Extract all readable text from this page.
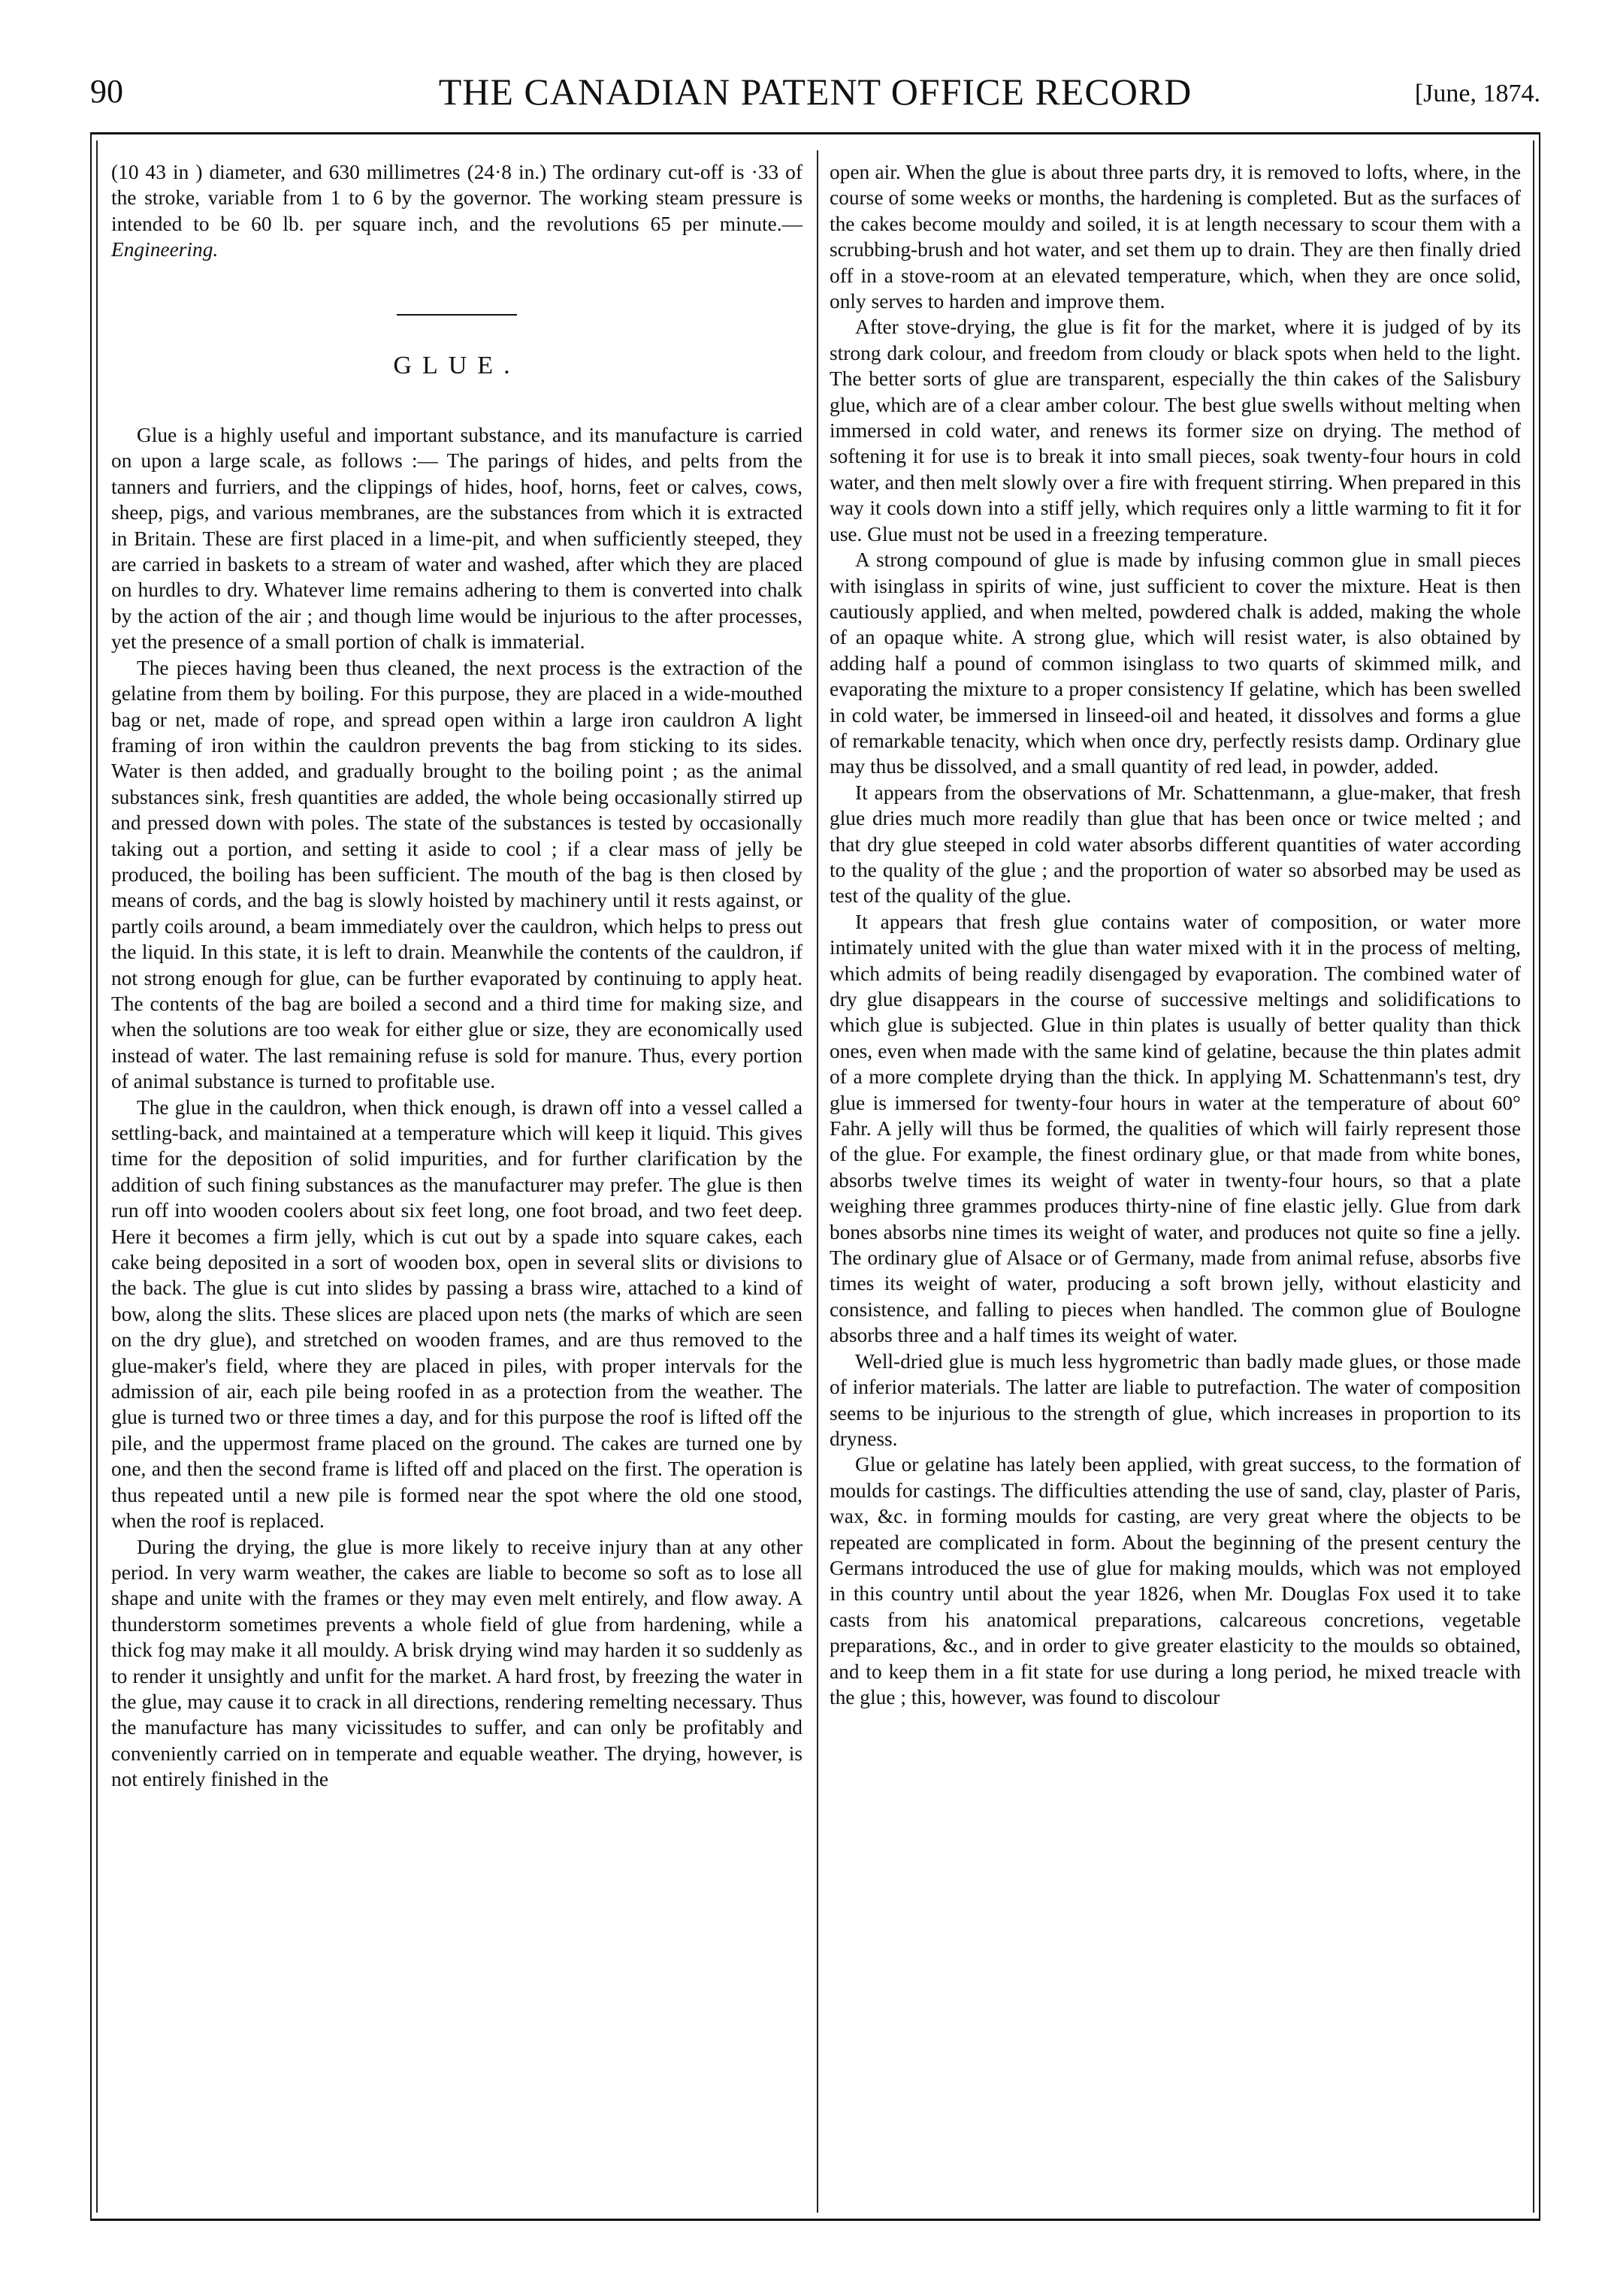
90	THE CANADIAN PATENT OFFICE RECORD	[June, 1874.

(10 43 in ) diameter, and 630 millimetres (24·8 in.) The ordinary cut-off is ·33 of the stroke, variable from 1 to 6 by the governor. The working steam pressure is intended to be 60 lb. per square inch, and the revolutions 65 per minute.—Engineering.

GLUE.

Glue is a highly useful and important substance, and its manufacture is carried on upon a large scale, as follows :— The parings of hides, and pelts from the tanners and furriers, and the clippings of hides, hoof, horns, feet or calves, cows, sheep, pigs, and various membranes, are the substances from which it is extracted in Britain. These are first placed in a lime-pit, and when sufficiently steeped, they are carried in baskets to a stream of water and washed, after which they are placed on hurdles to dry. Whatever lime remains adhering to them is converted into chalk by the action of the air ; and though lime would be injurious to the after processes, yet the presence of a small portion of chalk is immaterial.

The pieces having been thus cleaned, the next process is the extraction of the gelatine from them by boiling. For this purpose, they are placed in a wide-mouthed bag or net, made of rope, and spread open within a large iron cauldron A light framing of iron within the cauldron prevents the bag from sticking to its sides. Water is then added, and gradually brought to the boiling point ; as the animal substances sink, fresh quantities are added, the whole being occasionally stirred up and pressed down with poles. The state of the substances is tested by occasionally taking out a portion, and setting it aside to cool ; if a clear mass of jelly be produced, the boiling has been sufficient. The mouth of the bag is then closed by means of cords, and the bag is slowly hoisted by machinery until it rests against, or partly coils around, a beam immediately over the cauldron, which helps to press out the liquid. In this state, it is left to drain. Meanwhile the contents of the cauldron, if not strong enough for glue, can be further evaporated by continuing to apply heat. The contents of the bag are boiled a second and a third time for making size, and when the solutions are too weak for either glue or size, they are economically used instead of water. The last remaining refuse is sold for manure. Thus, every portion of animal substance is turned to profitable use.

The glue in the cauldron, when thick enough, is drawn off into a vessel called a settling-back, and maintained at a temperature which will keep it liquid. This gives time for the deposition of solid impurities, and for further clarification by the addition of such fining substances as the manufacturer may prefer. The glue is then run off into wooden coolers about six feet long, one foot broad, and two feet deep. Here it becomes a firm jelly, which is cut out by a spade into square cakes, each cake being deposited in a sort of wooden box, open in several slits or divisions to the back. The glue is cut into slides by passing a brass wire, attached to a kind of bow, along the slits. These slices are placed upon nets (the marks of which are seen on the dry glue), and stretched on wooden frames, and are thus removed to the glue-maker's field, where they are placed in piles, with proper intervals for the admission of air, each pile being roofed in as a protection from the weather. The glue is turned two or three times a day, and for this purpose the roof is lifted off the pile, and the uppermost frame placed on the ground. The cakes are turned one by one, and then the second frame is lifted off and placed on the first. The operation is thus repeated until a new pile is formed near the spot where the old one stood, when the roof is replaced.

During the drying, the glue is more likely to receive injury than at any other period. In very warm weather, the cakes are liable to become so soft as to lose all shape and unite with the frames or they may even melt entirely, and flow away. A thunderstorm sometimes prevents a whole field of glue from hardening, while a thick fog may make it all mouldy. A brisk drying wind may harden it so suddenly as to render it unsightly and unfit for the market. A hard frost, by freezing the water in the glue, may cause it to crack in all directions, rendering remelting necessary. Thus the manufacture has many vicissitudes to suffer, and can only be profitably and conveniently carried on in temperate and equable weather. The drying, however, is not entirely finished in the

open air. When the glue is about three parts dry, it is removed to lofts, where, in the course of some weeks or months, the hardening is completed. But as the surfaces of the cakes become mouldy and soiled, it is at length necessary to scour them with a scrubbing-brush and hot water, and set them up to drain. They are then finally dried off in a stove-room at an elevated temperature, which, when they are once solid, only serves to harden and improve them.

After stove-drying, the glue is fit for the market, where it is judged of by its strong dark colour, and freedom from cloudy or black spots when held to the light. The better sorts of glue are transparent, especially the thin cakes of the Salisbury glue, which are of a clear amber colour. The best glue swells without melting when immersed in cold water, and renews its former size on drying. The method of softening it for use is to break it into small pieces, soak twenty-four hours in cold water, and then melt slowly over a fire with frequent stirring. When prepared in this way it cools down into a stiff jelly, which requires only a little warming to fit it for use. Glue must not be used in a freezing temperature.

A strong compound of glue is made by infusing common glue in small pieces with isinglass in spirits of wine, just sufficient to cover the mixture. Heat is then cautiously applied, and when melted, powdered chalk is added, making the whole of an opaque white. A strong glue, which will resist water, is also obtained by adding half a pound of common isinglass to two quarts of skimmed milk, and evaporating the mixture to a proper consistency If gelatine, which has been swelled in cold water, be immersed in linseed-oil and heated, it dissolves and forms a glue of remarkable tenacity, which when once dry, perfectly resists damp. Ordinary glue may thus be dissolved, and a small quantity of red lead, in powder, added.

It appears from the observations of Mr. Schattenmann, a glue-maker, that fresh glue dries much more readily than glue that has been once or twice melted ; and that dry glue steeped in cold water absorbs different quantities of water according to the quality of the glue ; and the proportion of water so absorbed may be used as test of the quality of the glue.

It appears that fresh glue contains water of composition, or water more intimately united with the glue than water mixed with it in the process of melting, which admits of being readily disengaged by evaporation. The combined water of dry glue disappears in the course of successive meltings and solidifications to which glue is subjected. Glue in thin plates is usually of better quality than thick ones, even when made with the same kind of gelatine, because the thin plates admit of a more complete drying than the thick. In applying M. Schattenmann's test, dry glue is immersed for twenty-four hours in water at the temperature of about 60° Fahr. A jelly will thus be formed, the qualities of which will fairly represent those of the glue. For example, the finest ordinary glue, or that made from white bones, absorbs twelve times its weight of water in twenty-four hours, so that a plate weighing three grammes produces thirty-nine of fine elastic jelly. Glue from dark bones absorbs nine times its weight of water, and produces not quite so fine a jelly. The ordinary glue of Alsace or of Germany, made from animal refuse, absorbs five times its weight of water, producing a soft brown jelly, without elasticity and consistence, and falling to pieces when handled. The common glue of Boulogne absorbs three and a half times its weight of water.

Well-dried glue is much less hygrometric than badly made glues, or those made of inferior materials. The latter are liable to putrefaction. The water of composition seems to be injurious to the strength of glue, which increases in proportion to its dryness.

Glue or gelatine has lately been applied, with great success, to the formation of moulds for castings. The difficulties attending the use of sand, clay, plaster of Paris, wax, &c. in forming moulds for casting, are very great where the objects to be repeated are complicated in form. About the beginning of the present century the Germans introduced the use of glue for making moulds, which was not employed in this country until about the year 1826, when Mr. Douglas Fox used it to take casts from his anatomical preparations, calcareous concretions, vegetable preparations, &c., and in order to give greater elasticity to the moulds so obtained, and to keep them in a fit state for use during a long period, he mixed treacle with the glue ; this, however, was found to discolour
